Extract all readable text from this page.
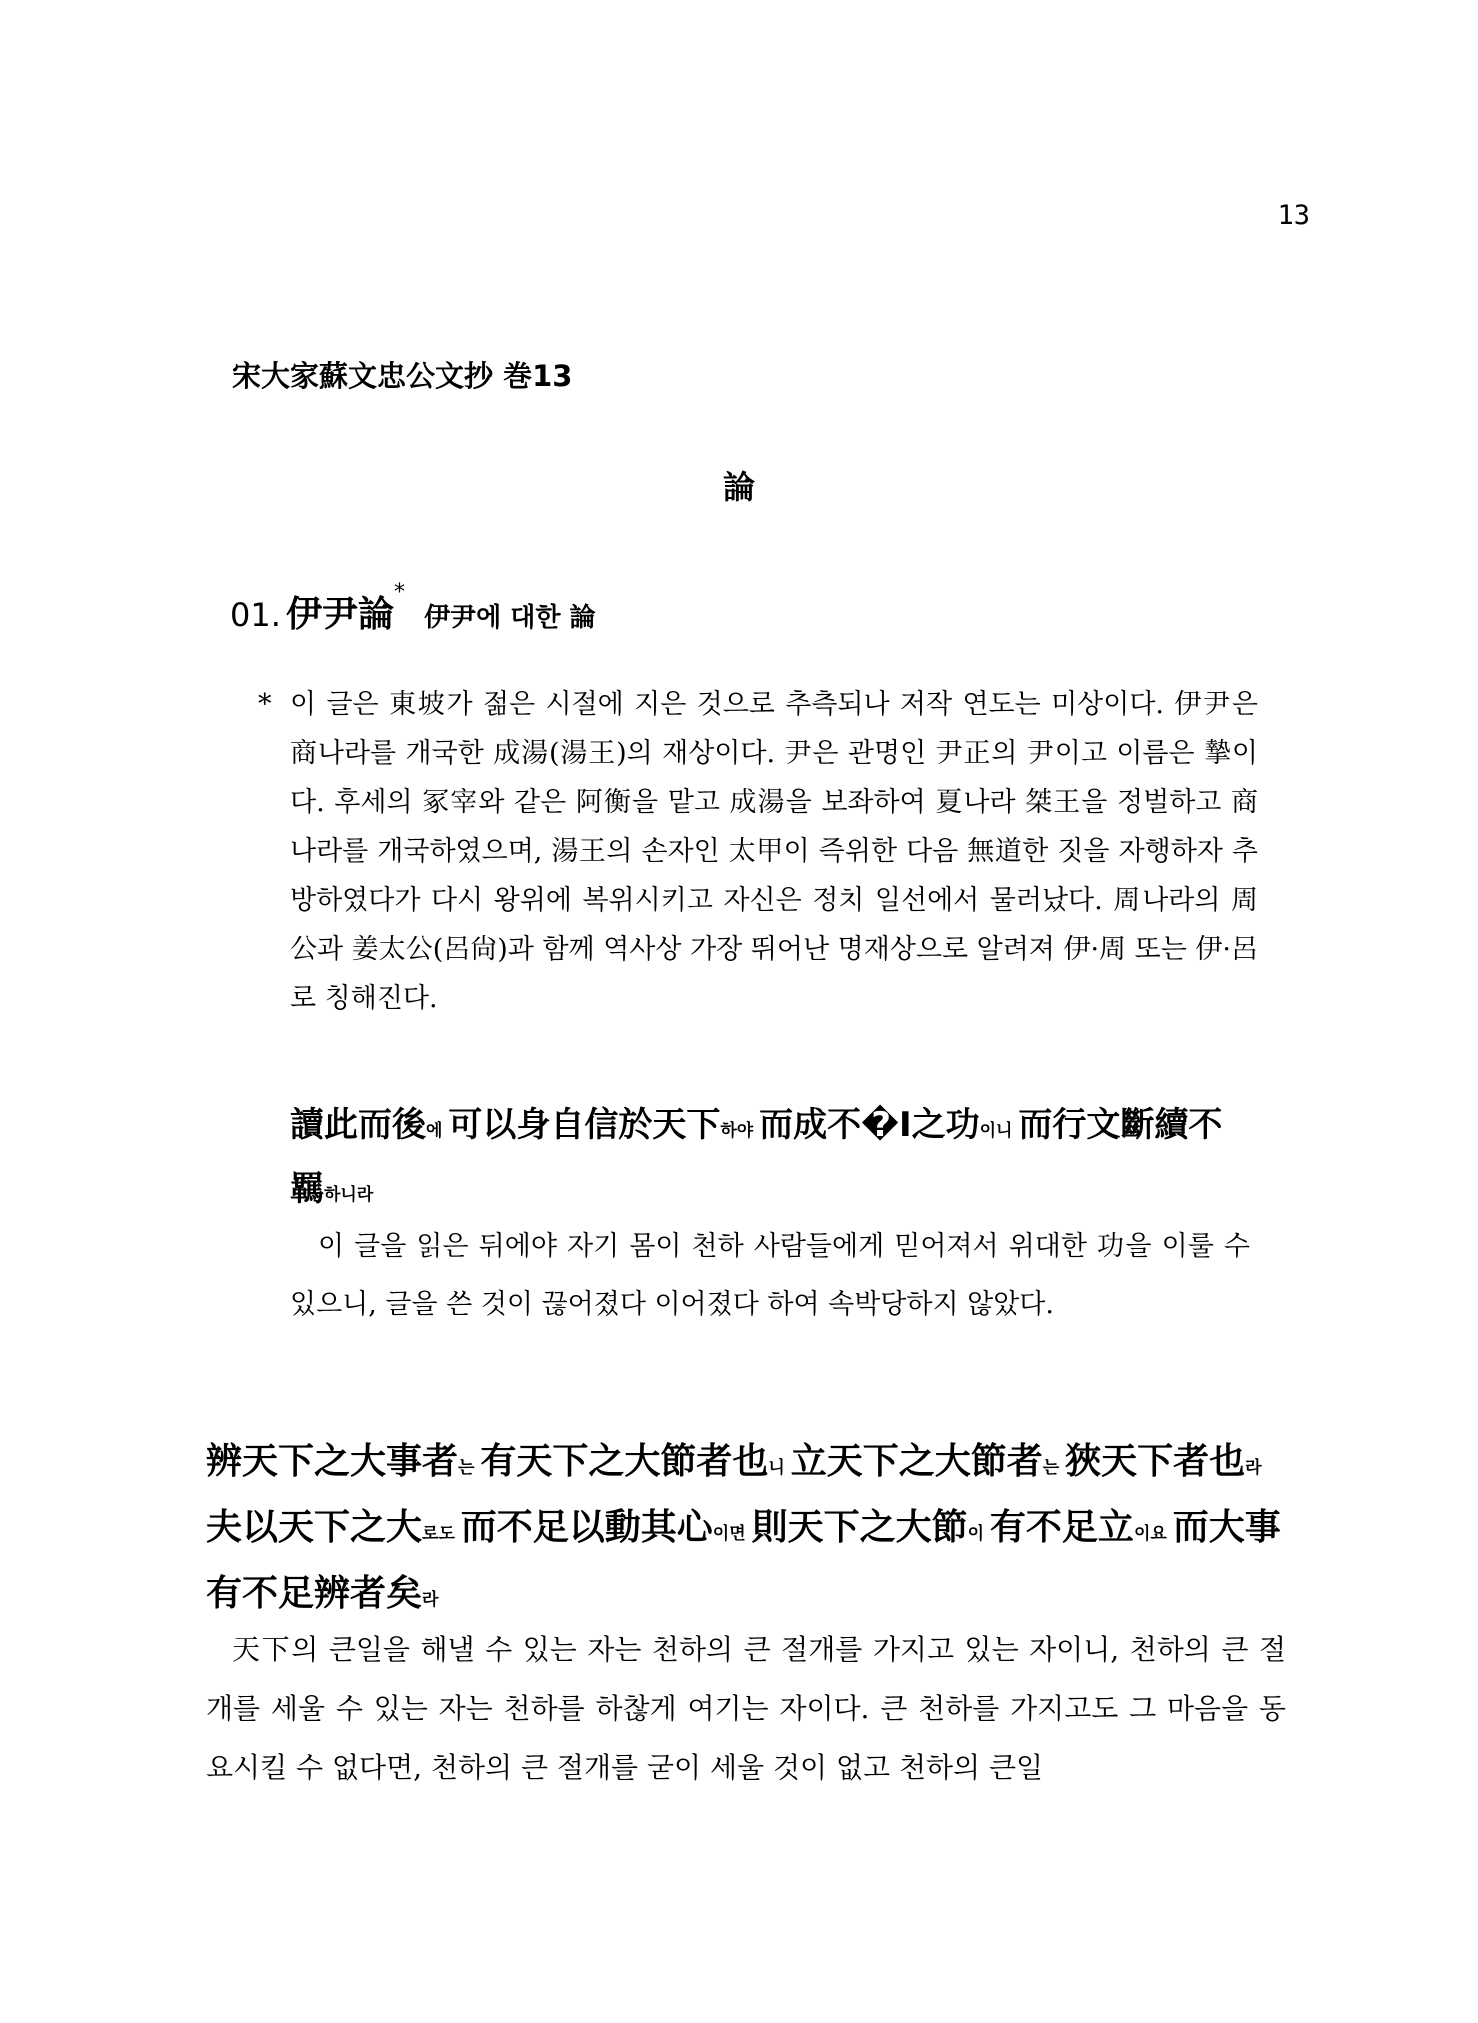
13
宋大家蘇文忠公文抄 巻13
論
01. 伊尹論* 伊尹에 대한 論
* 이 글은 東坡가 젊은 시절에 지은 것으로 추측되나 저작 연도는 미상이다. 伊尹은 商나라를 개국한 成湯(湯王)의 재상이다. 尹은 관명인 尹正의 尹이고 이름은 摯이다. 후세의 冢宰와 같은 阿衡을 맡고 成湯을 보좌하여 夏나라 桀王을 정벌하고 商나라를 개국하였으며, 湯王의 손자인 太甲이 즉위한 다음 無道한 짓을 자행하자 추방하였다가 다시 왕위에 복위시키고 자신은 정치 일선에서 물러났다. 周나라의 周公과 姜太公(呂尙)과 함께 역사상 가장 뛰어난 명재상으로 알려져 伊·周 또는 伊·呂로 칭해진다.
讀此而後에 可以身自信於天下하야 而成不�I之功이니 而行文斷續不羈하니라
이 글을 읽은 뒤에야 자기 몸이 천하 사람들에게 믿어져서 위대한 功을 이룰 수 있으니, 글을 쓴 것이 끊어졌다 이어졌다 하여 속박당하지 않았다.
辨天下之大事者는 有天下之大節者也니 立天下之大節者는 狹天下者也라 夫以天下之大로도 而不足以動其心이면 則天下之大節이 有不足立이요 而大事有不足辨者矣라
天下의 큰일을 해낼 수 있는 자는 천하의 큰 절개를 가지고 있는 자이니, 천하의 큰 절개를 세울 수 있는 자는 천하를 하찮게 여기는 자이다. 큰 천하를 가지고도 그 마음을 동요시킬 수 없다면, 천하의 큰 절개를 굳이 세울 것이 없고 천하의 큰일
